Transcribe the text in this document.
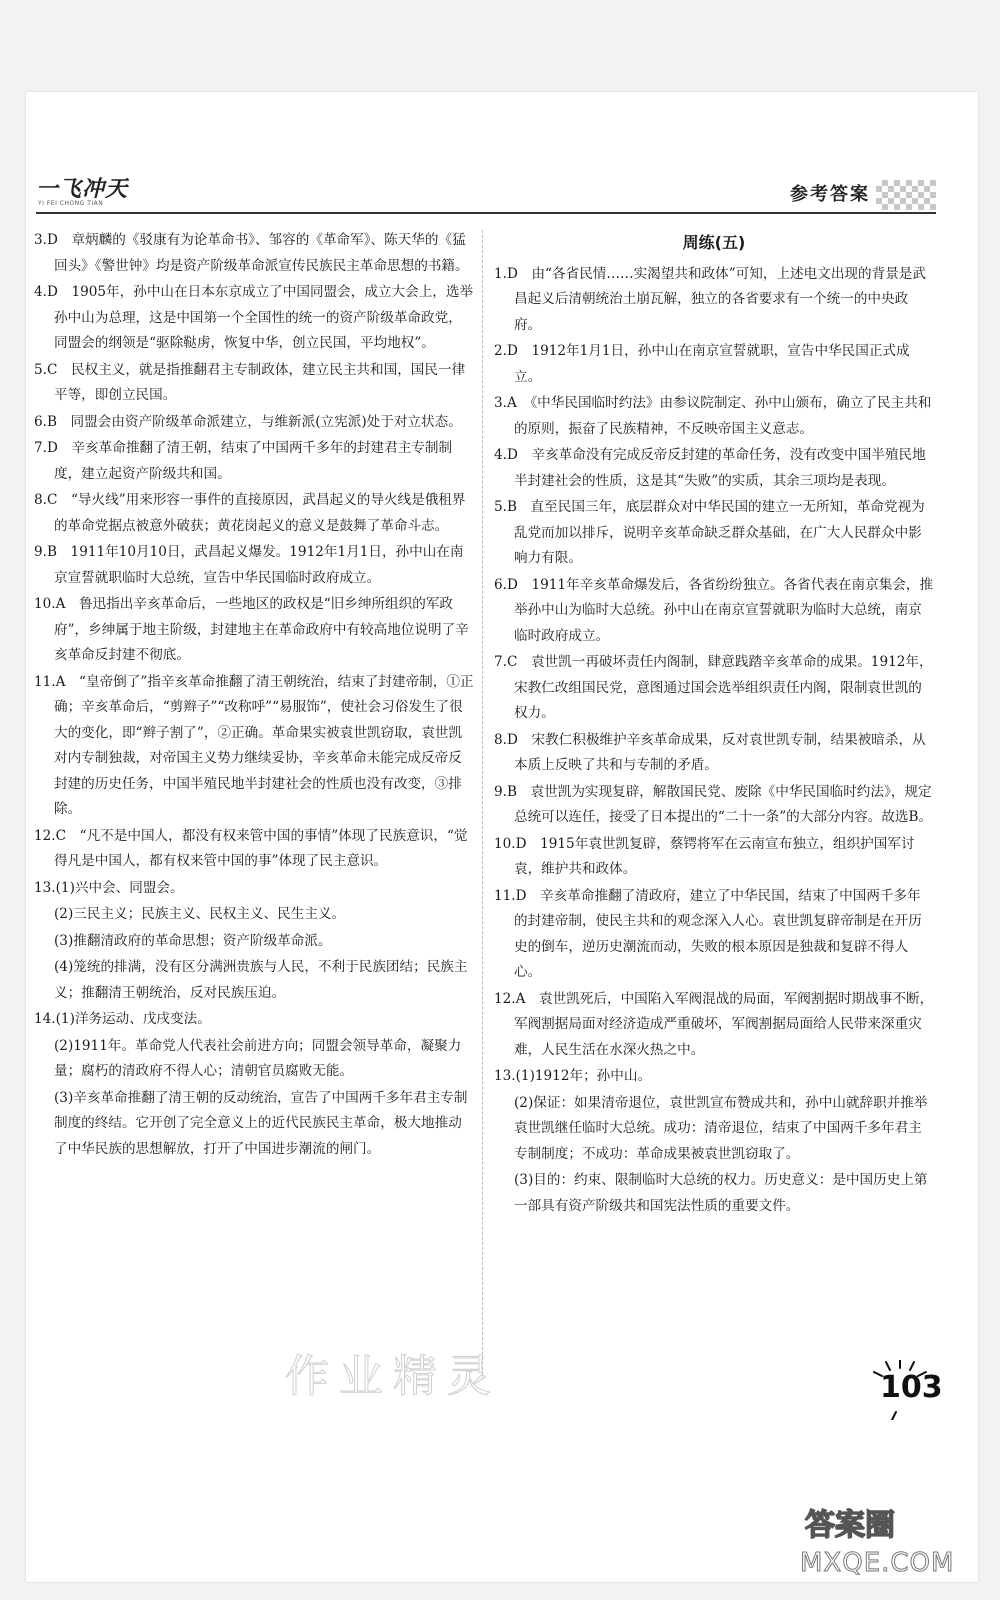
一飞冲天
YI FEI CHONG TIAN	参考答案
3.D　章炳麟的《驳康有为论革命书》、邹容的《革命军》、陈天华的《猛回头》《警世钟》均是资产阶级革命派宣传民族民主革命思想的书籍。
4.D　1905年，孙中山在日本东京成立了中国同盟会，成立大会上，选举孙中山为总理，这是中国第一个全国性的统一的资产阶级革命政党，同盟会的纲领是“驱除鞑虏，恢复中华，创立民国，平均地权”。
5.C　民权主义，就是指推翻君主专制政体，建立民主共和国，国民一律平等，即创立民国。
6.B　同盟会由资产阶级革命派建立，与维新派(立宪派)处于对立状态。
7.D　辛亥革命推翻了清王朝，结束了中国两千多年的封建君主专制制度，建立起资产阶级共和国。
8.C　“导火线”用来形容一事件的直接原因，武昌起义的导火线是俄租界的革命党据点被意外破获；黄花岗起义的意义是鼓舞了革命斗志。
9.B　1911年10月10日，武昌起义爆发。1912年1月1日，孙中山在南京宣誓就职临时大总统，宣告中华民国临时政府成立。
10.A　鲁迅指出辛亥革命后，一些地区的政权是“旧乡绅所组织的军政府”，乡绅属于地主阶级，封建地主在革命政府中有较高地位说明了辛亥革命反封建不彻底。
11.A　“皇帝倒了”指辛亥革命推翻了清王朝统治，结束了封建帝制，①正确；辛亥革命后，“剪辫子”“改称呼”“易服饰”，使社会习俗发生了很大的变化，即“辫子割了”，②正确。革命果实被袁世凯窃取，袁世凯对内专制独裁，对帝国主义势力继续妥协，辛亥革命未能完成反帝反封建的历史任务，中国半殖民地半封建社会的性质也没有改变，③排除。
12.C　“凡不是中国人，都没有权来管中国的事情”体现了民族意识，“觉得凡是中国人，都有权来管中国的事”体现了民主意识。
13.(1)兴中会、同盟会。
(2)三民主义；民族主义、民权主义、民生主义。
(3)推翻清政府的革命思想；资产阶级革命派。
(4)笼统的排满，没有区分满洲贵族与人民，不利于民族团结；民族主义；推翻清王朝统治，反对民族压迫。
14.(1)洋务运动、戊戌变法。
(2)1911年。革命党人代表社会前进方向；同盟会领导革命，凝聚力量；腐朽的清政府不得人心；清朝官员腐败无能。
(3)辛亥革命推翻了清王朝的反动统治，宣告了中国两千多年君主专制制度的终结。它开创了完全意义上的近代民族民主革命，极大地推动了中华民族的思想解放，打开了中国进步潮流的闸门。
周练(五)
1.D　由“各省民情……实渴望共和政体”可知，上述电文出现的背景是武昌起义后清朝统治土崩瓦解，独立的各省要求有一个统一的中央政府。
2.D　1912年1月1日，孙中山在南京宣誓就职，宣告中华民国正式成立。
3.A　《中华民国临时约法》由参议院制定、孙中山颁布，确立了民主共和的原则，振奋了民族精神，不反映帝国主义意志。
4.D　辛亥革命没有完成反帝反封建的革命任务，没有改变中国半殖民地半封建社会的性质，这是其“失败”的实质，其余三项均是表现。
5.B　直至民国三年，底层群众对中华民国的建立一无所知，革命党视为乱党而加以排斥，说明辛亥革命缺乏群众基础，在广大人民群众中影响力有限。
6.D　1911年辛亥革命爆发后，各省纷纷独立。各省代表在南京集会，推举孙中山为临时大总统。孙中山在南京宣誓就职为临时大总统，南京临时政府成立。
7.C　袁世凯一再破坏责任内阁制，肆意践踏辛亥革命的成果。1912年，宋教仁改组国民党，意图通过国会选举组织责任内阁，限制袁世凯的权力。
8.D　宋教仁积极维护辛亥革命成果，反对袁世凯专制，结果被暗杀，从本质上反映了共和与专制的矛盾。
9.B　袁世凯为实现复辟，解散国民党、废除《中华民国临时约法》，规定总统可以连任，接受了日本提出的“二十一条”的大部分内容。故选B。
10.D　1915年袁世凯复辟，蔡锷将军在云南宣布独立，组织护国军讨袁，维护共和政体。
11.D　辛亥革命推翻了清政府，建立了中华民国，结束了中国两千多年的封建帝制，使民主共和的观念深入人心。袁世凯复辟帝制是在开历史的倒车，逆历史潮流而动，失败的根本原因是独裁和复辟不得人心。
12.A　袁世凯死后，中国陷入军阀混战的局面，军阀割据时期战事不断，军阀割据局面对经济造成严重破坏，军阀割据局面给人民带来深重灾难，人民生活在水深火热之中。
13.(1)1912年；孙中山。
(2)保证：如果清帝退位，袁世凯宣布赞成共和，孙中山就辞职并推举袁世凯继任临时大总统。成功：清帝退位，结束了中国两千多年君主专制制度；不成功：革命成果被袁世凯窃取了。
(3)目的：约束、限制临时大总统的权力。历史意义：是中国历史上第一部具有资产阶级共和国宪法性质的重要文件。
作业精灵	103
答案圈
MXQE.COM
